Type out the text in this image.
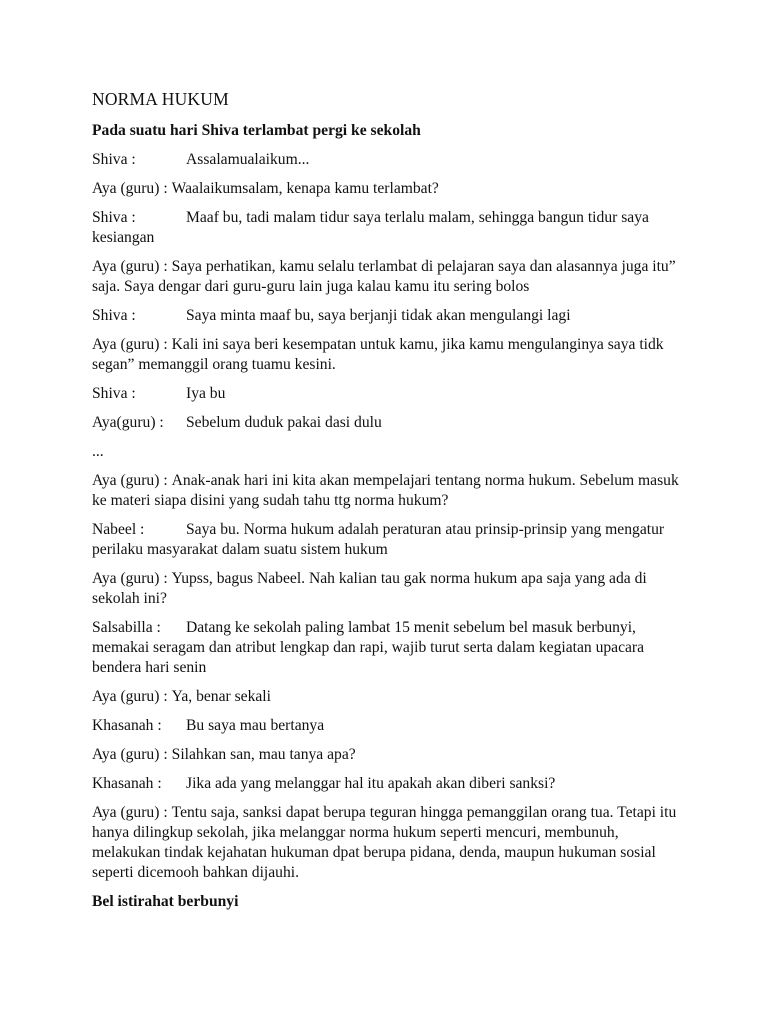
NORMA HUKUM
Pada suatu hari Shiva terlambat pergi ke sekolah
Shiva :	Assalamualaikum...
Aya (guru) : Waalaikumsalam, kenapa kamu terlambat?
Shiva :	Maaf bu, tadi malam tidur saya terlalu malam, sehingga bangun tidur saya kesiangan
Aya (guru) : Saya perhatikan, kamu selalu terlambat di pelajaran saya dan alasannya juga itu” saja. Saya dengar dari guru-guru lain juga kalau kamu itu sering bolos
Shiva :	Saya minta maaf bu, saya berjanji tidak akan mengulangi lagi
Aya (guru) : Kali ini saya beri kesempatan untuk kamu, jika kamu mengulanginya saya tidk segan” memanggil orang tuamu kesini.
Shiva :	Iya bu
Aya(guru) : Sebelum duduk pakai dasi dulu
...
Aya (guru) : Anak-anak hari ini kita akan mempelajari tentang norma hukum. Sebelum masuk ke materi siapa disini yang sudah tahu ttg norma hukum?
Nabeel :	Saya bu. Norma hukum adalah peraturan atau prinsip-prinsip yang mengatur perilaku masyarakat dalam suatu sistem hukum
Aya (guru) : Yupss, bagus Nabeel. Nah kalian tau gak norma hukum apa saja yang ada di sekolah ini?
Salsabilla : Datang ke sekolah paling lambat 15 menit sebelum bel masuk berbunyi, memakai seragam dan atribut lengkap dan rapi, wajib turut serta dalam kegiatan upacara bendera hari senin
Aya (guru) : Ya, benar sekali
Khasanah : Bu saya mau bertanya
Aya (guru) : Silahkan san, mau tanya apa?
Khasanah : Jika ada yang melanggar hal itu apakah akan diberi sanksi?
Aya (guru) : Tentu saja, sanksi dapat berupa teguran hingga pemanggilan orang tua. Tetapi itu hanya dilingkup sekolah, jika melanggar norma hukum seperti mencuri, membunuh, melakukan tindak kejahatan hukuman dpat berupa pidana, denda, maupun hukuman sosial seperti dicemooh bahkan dijauhi.
Bel istirahat berbunyi
